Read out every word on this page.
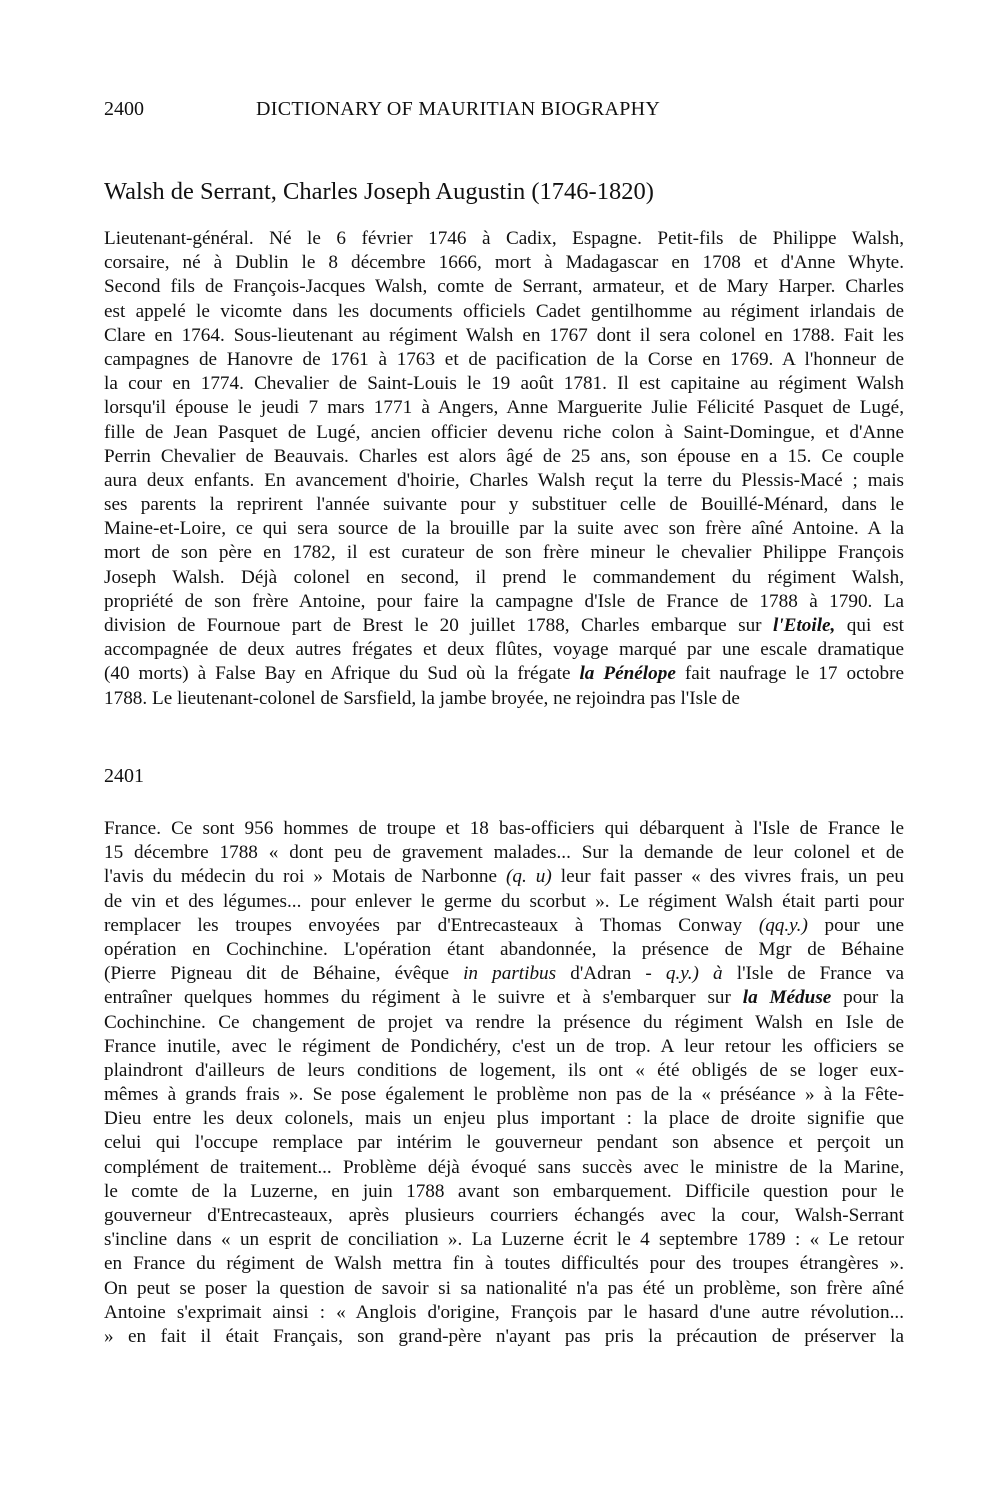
2400	DICTIONARY OF MAURITIAN BIOGRAPHY
Walsh de Serrant, Charles Joseph Augustin (1746-1820)
Lieutenant-général. Né le 6 février 1746 à Cadix, Espagne. Petit-fils de Philippe Walsh,
corsaire, né à Dublin le 8 décembre 1666, mort à Madagascar en 1708 et d'Anne Whyte.
Second fils de François-Jacques Walsh, comte de Serrant, armateur, et de Mary Harper. Charles
est appelé le vicomte dans les documents officiels Cadet gentilhomme au régiment irlandais de
Clare en 1764. Sous-lieutenant au régiment Walsh en 1767 dont il sera colonel en 1788. Fait les
campagnes de Hanovre de 1761 à 1763 et de pacification de la Corse en 1769. A l'honneur de
la cour en 1774. Chevalier de Saint-Louis le 19 août 1781. Il est capitaine au régiment Walsh
lorsqu'il épouse le jeudi 7 mars 1771 à Angers, Anne Marguerite Julie Félicité Pasquet de Lugé,
fille de Jean Pasquet de Lugé, ancien officier devenu riche colon à Saint-Domingue, et d'Anne
Perrin Chevalier de Beauvais. Charles est alors âgé de 25 ans, son épouse en a 15. Ce couple
aura deux enfants. En avancement d'hoirie, Charles Walsh reçut la terre du Plessis-Macé ; mais
ses parents la reprirent l'année suivante pour y substituer celle de Bouillé-Ménard, dans le
Maine-et-Loire, ce qui sera source de la brouille par la suite avec son frère aîné Antoine. A la
mort de son père en 1782, il est curateur de son frère mineur le chevalier Philippe François
Joseph Walsh. Déjà colonel en second, il prend le commandement du régiment Walsh,
propriété de son frère Antoine, pour faire la campagne d'Isle de France de 1788 à 1790. La
division de Fournoue part de Brest le 20 juillet 1788, Charles embarque sur l'Etoile, qui est
accompagnée de deux autres frégates et deux flûtes, voyage marqué par une escale dramatique
(40 morts) à False Bay en Afrique du Sud où la frégate la Pénélope fait naufrage le 17 octobre
1788. Le lieutenant-colonel de Sarsfield, la jambe broyée, ne rejoindra pas l'Isle de
2401
France. Ce sont 956 hommes de troupe et 18 bas-officiers qui débarquent à l'Isle de France le
15 décembre 1788 « dont peu de gravement malades... Sur la demande de leur colonel et de
l'avis du médecin du roi » Motais de Narbonne (q. u) leur fait passer « des vivres frais, un peu
de vin et des légumes... pour enlever le germe du scorbut ». Le régiment Walsh était parti pour
remplacer les troupes envoyées par d'Entrecasteaux à Thomas Conway (qq.y.) pour une
opération en Cochinchine. L'opération étant abandonnée, la présence de Mgr de Béhaine
(Pierre Pigneau dit de Béhaine, évêque in partibus d'Adran - q.y.) à l'Isle de France va
entraîner quelques hommes du régiment à le suivre et à s'embarquer sur la Méduse pour la
Cochinchine. Ce changement de projet va rendre la présence du régiment Walsh en Isle de
France inutile, avec le régiment de Pondichéry, c'est un de trop. A leur retour les officiers se
plaindront d'ailleurs de leurs conditions de logement, ils ont « été obligés de se loger eux-
mêmes à grands frais ». Se pose également le problème non pas de la « préséance » à la Fête-
Dieu entre les deux colonels, mais un enjeu plus important : la place de droite signifie que
celui qui l'occupe remplace par intérim le gouverneur pendant son absence et perçoit un
complément de traitement... Problème déjà évoqué sans succès avec le ministre de la Marine,
le comte de la Luzerne, en juin 1788 avant son embarquement. Difficile question pour le
gouverneur d'Entrecasteaux, après plusieurs courriers échangés avec la cour, Walsh-Serrant
s'incline dans « un esprit de conciliation ». La Luzerne écrit le 4 septembre 1789 : « Le retour
en France du régiment de Walsh mettra fin à toutes difficultés pour des troupes étrangères ».
On peut se poser la question de savoir si sa nationalité n'a pas été un problème, son frère aîné
Antoine s'exprimait ainsi : « Anglois d'origine, François par le hasard d'une autre révolution...
» en fait il était Français, son grand-père n'ayant pas pris la précaution de préserver la
